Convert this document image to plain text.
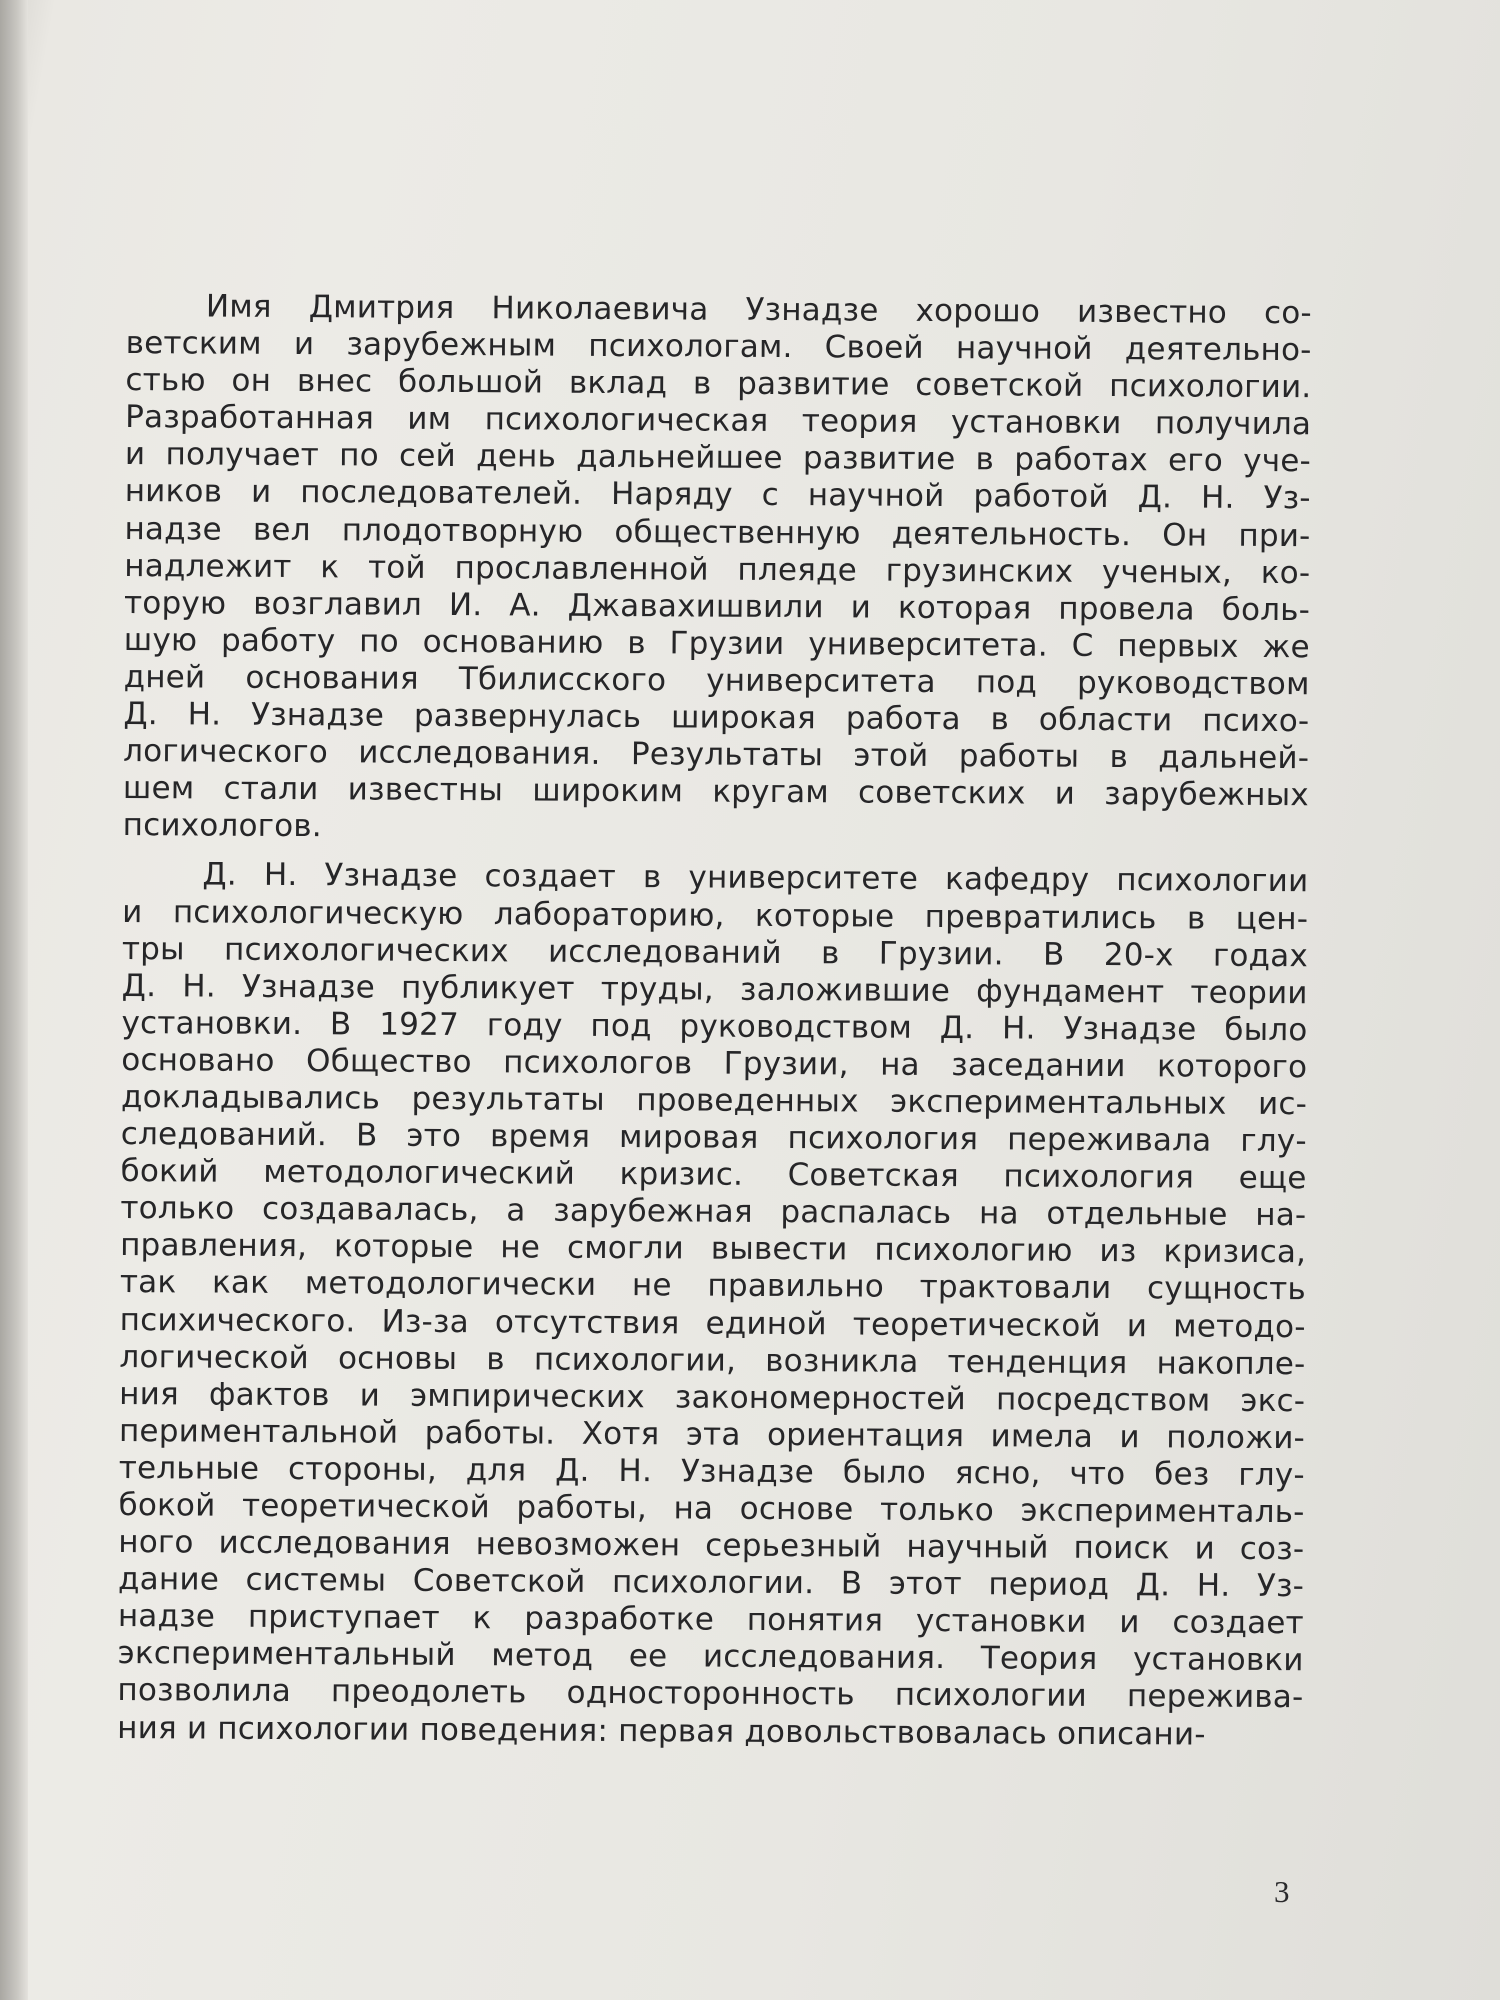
Имя Дмитрия Николаевича Узнадзе хорошо известно со-
ветским и зарубежным психологам. Своей научной деятельно-
стью он внес большой вклад в развитие советской психологии.
Разработанная им психологическая теория установки получила
и получает по сей день дальнейшее развитие в работах его уче-
ников и последователей. Наряду с научной работой Д. Н. Уз-
надзе вел плодотворную общественную деятельность. Он при-
надлежит к той прославленной плеяде грузинских ученых, ко-
торую возглавил И. А. Джавахишвили и которая провела боль-
шую работу по основанию в Грузии университета. С первых же
дней основания Тбилисского университета под руководством
Д. Н. Узнадзе развернулась широкая работа в области психо-
логического исследования. Результаты этой работы в дальней-
шем стали известны широким кругам советских и зарубежных
психологов.
Д. Н. Узнадзе создает в университете кафедру психологии
и психологическую лабораторию, которые превратились в цен-
тры психологических исследований в Грузии. В 20-х годах
Д. Н. Узнадзе публикует труды, заложившие фундамент теории
установки. В 1927 году под руководством Д. Н. Узнадзе было
основано Общество психологов Грузии, на заседании которого
докладывались результаты проведенных экспериментальных ис-
следований. В это время мировая психология переживала глу-
бокий методологический кризис. Советская психология еще
только создавалась, а зарубежная распалась на отдельные на-
правления, которые не смогли вывести психологию из кризиса,
так как методологически не правильно трактовали сущность
психического. Из-за отсутствия единой теоретической и методо-
логической основы в психологии, возникла тенденция накопле-
ния фактов и эмпирических закономерностей посредством экс-
периментальной работы. Хотя эта ориентация имела и положи-
тельные стороны, для Д. Н. Узнадзе было ясно, что без глу-
бокой теоретической работы, на основе только эксперименталь-
ного исследования невозможен серьезный научный поиск и соз-
дание системы Советской психологии. В этот период Д. Н. Уз-
надзе приступает к разработке понятия установки и создает
экспериментальный метод ее исследования. Теория установки
позволила преодолеть односторонность психологии пережива-
ния и психологии поведения: первая довольствовалась описани-
3
